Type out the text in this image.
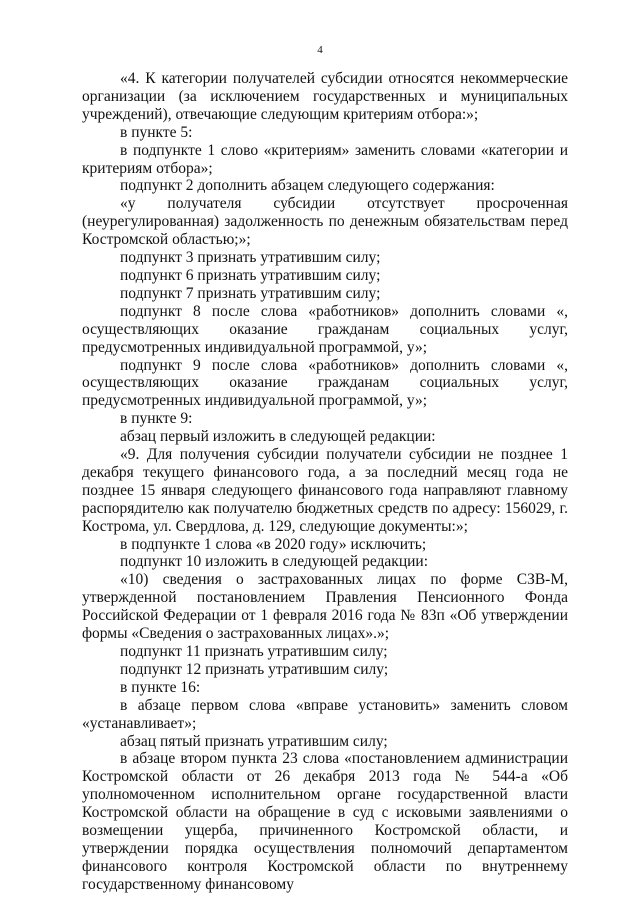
4

«4. К категории получателей субсидии относятся некоммерческие организации (за исключением государственных и муниципальных учреждений), отвечающие следующим критериям отбора:»;

в пункте 5:

в подпункте 1 слово «критериям» заменить словами «категории и критериям отбора»;

подпункт 2 дополнить абзацем следующего содержания:

«у получателя субсидии отсутствует просроченная (неурегулированная) задолженность по денежным обязательствам перед Костромской областью;»;

подпункт 3 признать утратившим силу;

подпункт 6 признать утратившим силу;

подпункт 7 признать утратившим силу;

подпункт 8 после слова «работников» дополнить словами «, осуществляющих оказание гражданам социальных услуг, предусмотренных индивидуальной программой, у»;

подпункт 9 после слова «работников» дополнить словами «, осуществляющих оказание гражданам социальных услуг, предусмотренных индивидуальной программой, у»;

в пункте 9:

абзац первый изложить в следующей редакции:

«9. Для получения субсидии получатели субсидии не позднее 1 декабря текущего финансового года, а за последний месяц года не позднее 15 января следующего финансового года направляют главному распорядителю как получателю бюджетных средств по адресу: 156029, г. Кострома, ул. Свердлова, д. 129, следующие документы:»;

в подпункте 1 слова «в 2020 году» исключить;

подпункт 10 изложить в следующей редакции:

«10) сведения о застрахованных лицах по форме СЗВ-М, утвержденной постановлением Правления Пенсионного Фонда Российской Федерации от 1 февраля 2016 года № 83п «Об утверждении формы «Сведения о застрахованных лицах».»;

подпункт 11 признать утратившим силу;

подпункт 12 признать утратившим силу;

в пункте 16:

в абзаце первом слова «вправе установить» заменить словом «устанавливает»;

абзац пятый признать утратившим силу;

в абзаце втором пункта 23 слова «постановлением администрации Костромской области от 26 декабря 2013 года № 544-а «Об уполномоченном исполнительном органе государственной власти Костромской области на обращение в суд с исковыми заявлениями о возмещении ущерба, причиненного Костромской области, и утверждении порядка осуществления полномочий департаментом финансового контроля Костромской области по внутреннему государственному финансовому
